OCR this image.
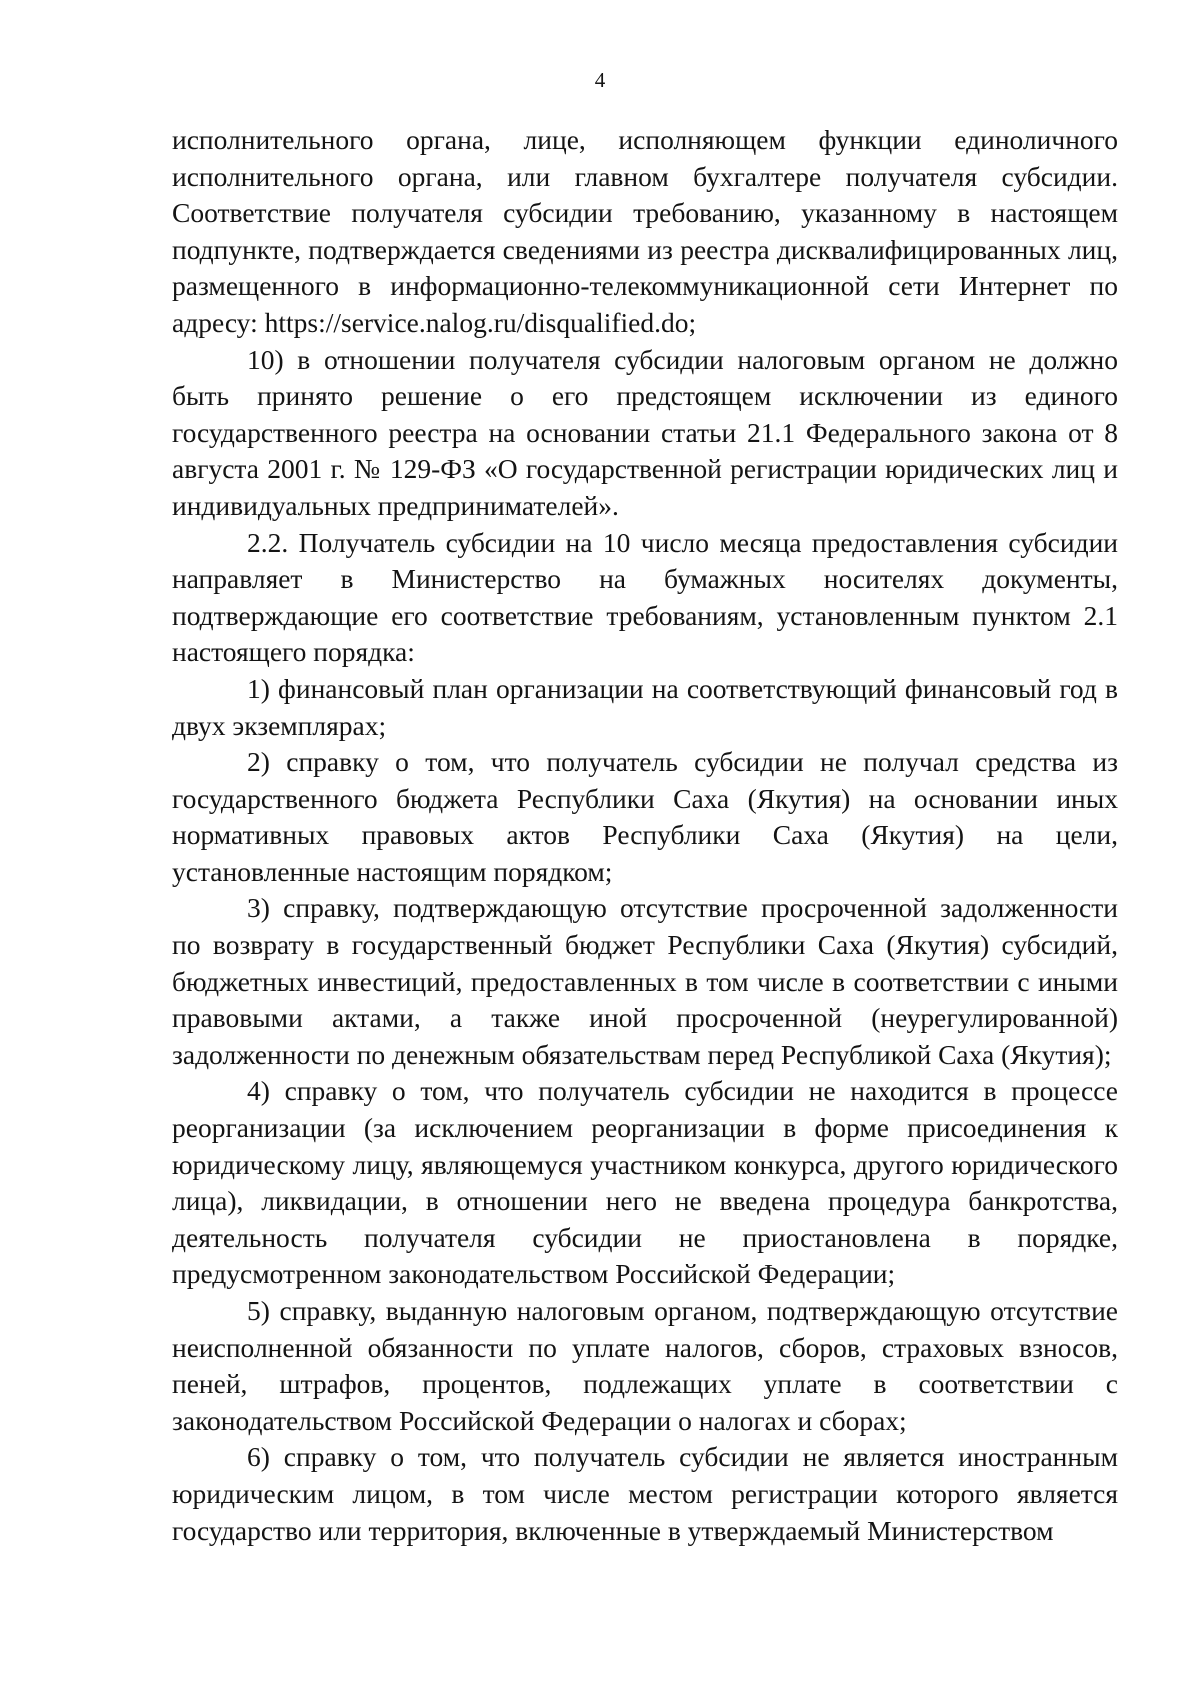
4

исполнительного органа, лице, исполняющем функции единоличного исполнительного органа, или главном бухгалтере получателя субсидии. Соответствие получателя субсидии требованию, указанному в настоящем подпункте, подтверждается сведениями из реестра дисквалифицированных лиц, размещенного в информационно-телекоммуникационной сети Интернет по адресу: https://service.nalog.ru/disqualified.do;

10) в отношении получателя субсидии налоговым органом не должно быть принято решение о его предстоящем исключении из единого государственного реестра на основании статьи 21.1 Федерального закона от 8 августа 2001 г. № 129-ФЗ «О государственной регистрации юридических лиц и индивидуальных предпринимателей».

2.2. Получатель субсидии на 10 число месяца предоставления субсидии направляет в Министерство на бумажных носителях документы, подтверждающие его соответствие требованиям, установленным пунктом 2.1 настоящего порядка:

1) финансовый план организации на соответствующий финансовый год в двух экземплярах;

2) справку о том, что получатель субсидии не получал средства из государственного бюджета Республики Саха (Якутия) на основании иных нормативных правовых актов Республики Саха (Якутия) на цели, установленные настоящим порядком;

3) справку, подтверждающую отсутствие просроченной задолженности по возврату в государственный бюджет Республики Саха (Якутия) субсидий, бюджетных инвестиций, предоставленных в том числе в соответствии с иными правовыми актами, а также иной просроченной (неурегулированной) задолженности по денежным обязательствам перед Республикой Саха (Якутия);

4) справку о том, что получатель субсидии не находится в процессе реорганизации (за исключением реорганизации в форме присоединения к юридическому лицу, являющемуся участником конкурса, другого юридического лица), ликвидации, в отношении него не введена процедура банкротства, деятельность получателя субсидии не приостановлена в порядке, предусмотренном законодательством Российской Федерации;

5) справку, выданную налоговым органом, подтверждающую отсутствие неисполненной обязанности по уплате налогов, сборов, страховых взносов, пеней, штрафов, процентов, подлежащих уплате в соответствии с законодательством Российской Федерации о налогах и сборах;

6) справку о том, что получатель субсидии не является иностранным юридическим лицом, в том числе местом регистрации которого является государство или территория, включенные в утверждаемый Министерством
